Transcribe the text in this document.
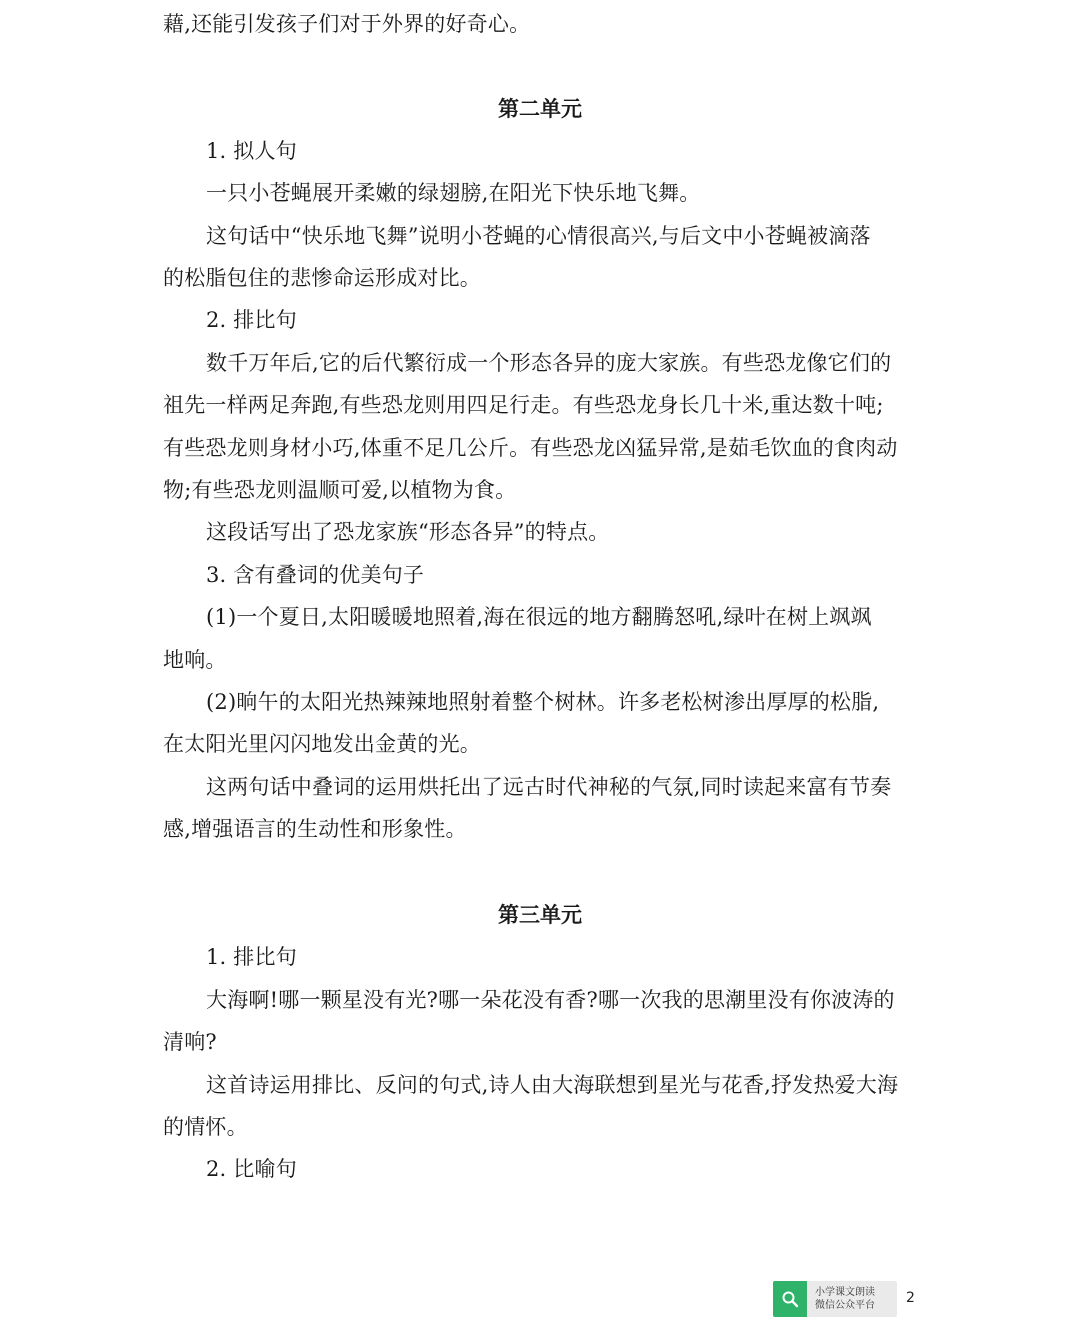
藉,还能引发孩子们对于外界的好奇心。
第二单元
1. 拟人句
一只小苍蝇展开柔嫩的绿翅膀,在阳光下快乐地飞舞。
这句话中“快乐地飞舞”说明小苍蝇的心情很高兴,与后文中小苍蝇被滴落
的松脂包住的悲惨命运形成对比。
2. 排比句
数千万年后,它的后代繁衍成一个形态各异的庞大家族。有些恐龙像它们的
祖先一样两足奔跑,有些恐龙则用四足行走。有些恐龙身长几十米,重达数十吨;
有些恐龙则身材小巧,体重不足几公斤。有些恐龙凶猛异常,是茹毛饮血的食肉动
物;有些恐龙则温顺可爱,以植物为食。
这段话写出了恐龙家族“形态各异”的特点。
3. 含有叠词的优美句子
(1)一个夏日,太阳暖暖地照着,海在很远的地方翻腾怒吼,绿叶在树上飒飒
地响。
(2)晌午的太阳光热辣辣地照射着整个树林。许多老松树渗出厚厚的松脂,
在太阳光里闪闪地发出金黄的光。
这两句话中叠词的运用烘托出了远古时代神秘的气氛,同时读起来富有节奏
感,增强语言的生动性和形象性。
第三单元
1. 排比句
大海啊!哪一颗星没有光?哪一朵花没有香?哪一次我的思潮里没有你波涛的
清响?
这首诗运用排比、反问的句式,诗人由大海联想到星光与花香,抒发热爱大海
的情怀。
2. 比喻句
小学课文朗读
微信公众平台 2
